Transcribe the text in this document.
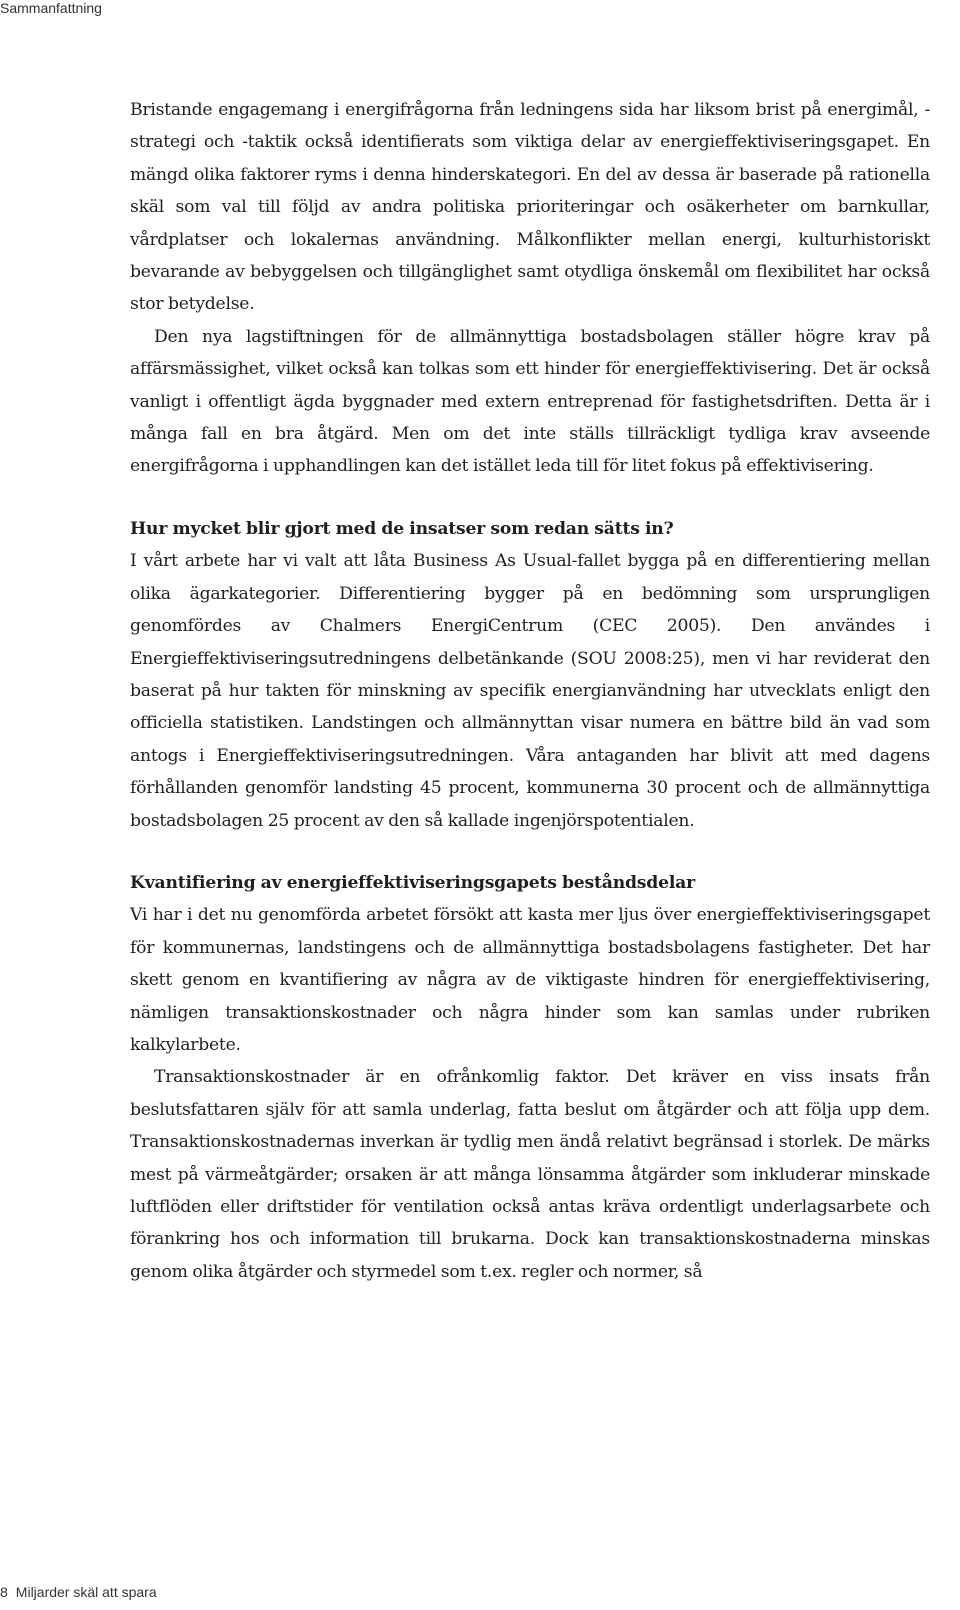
Sammanfattning

Bristande engagemang i energifrågorna från ledningens sida har liksom brist på energimål, -strategi och -taktik också identifierats som viktiga delar av energieffektiviseringsgapet. En mängd olika faktorer ryms i denna hinderskategori. En del av dessa är baserade på rationella skäl som val till följd av andra politiska prioriteringar och osäkerheter om barnkullar, vårdplatser och lokalernas användning. Målkonflikter mellan energi, kulturhistoriskt bevarande av bebyggelsen och tillgänglighet samt otydliga önskemål om flexibilitet har också stor betydelse.

Den nya lagstiftningen för de allmännyttiga bostadsbolagen ställer högre krav på affärsmässighet, vilket också kan tolkas som ett hinder för energieffektivisering. Det är också vanligt i offentligt ägda byggnader med extern entreprenad för fastighetsdriften. Detta är i många fall en bra åtgärd. Men om det inte ställs tillräckligt tydliga krav avseende energifrågorna i upphandlingen kan det istället leda till för litet fokus på effektivisering.

Hur mycket blir gjort med de insatser som redan sätts in?

I vårt arbete har vi valt att låta Business As Usual-fallet bygga på en differentiering mellan olika ägarkategorier. Differentiering bygger på en bedömning som ursprungligen genomfördes av Chalmers EnergiCentrum (CEC 2005). Den användes i Energieffektiviseringsutredningens delbetänkande (SOU 2008:25), men vi har reviderat den baserat på hur takten för minskning av specifik energianvändning har utvecklats enligt den officiella statistiken. Landstingen och allmännyttan visar numera en bättre bild än vad som antogs i Energieffektiviseringsutredningen. Våra antaganden har blivit att med dagens förhållanden genomför landsting 45 procent, kommunerna 30 procent och de allmännyttiga bostadsbolagen 25 procent av den så kallade ingenjörspotentialen.

Kvantifiering av energieffektiviseringsgapets beståndsdelar

Vi har i det nu genomförda arbetet försökt att kasta mer ljus över energieffektiviseringsgapet för kommunernas, landstingens och de allmännyttiga bostadsbolagens fastigheter. Det har skett genom en kvantifiering av några av de viktigaste hindren för energieffektivisering, nämligen transaktionskostnader och några hinder som kan samlas under rubriken kalkylarbete.

Transaktionskostnader är en ofrånkomlig faktor. Det kräver en viss insats från beslutsfattaren själv för att samla underlag, fatta beslut om åtgärder och att följa upp dem. Transaktionskostnadernas inverkan är tydlig men ändå relativt begränsad i storlek. De märks mest på värmeåtgärder; orsaken är att många lönsamma åtgärder som inkluderar minskade luftflöden eller driftstider för ventilation också antas kräva ordentligt underlagsarbete och förankring hos och information till brukarna. Dock kan transaktionskostnaderna minskas genom olika åtgärder och styrmedel som t.ex. regler och normer, så

8 Miljarder skäl att spara
